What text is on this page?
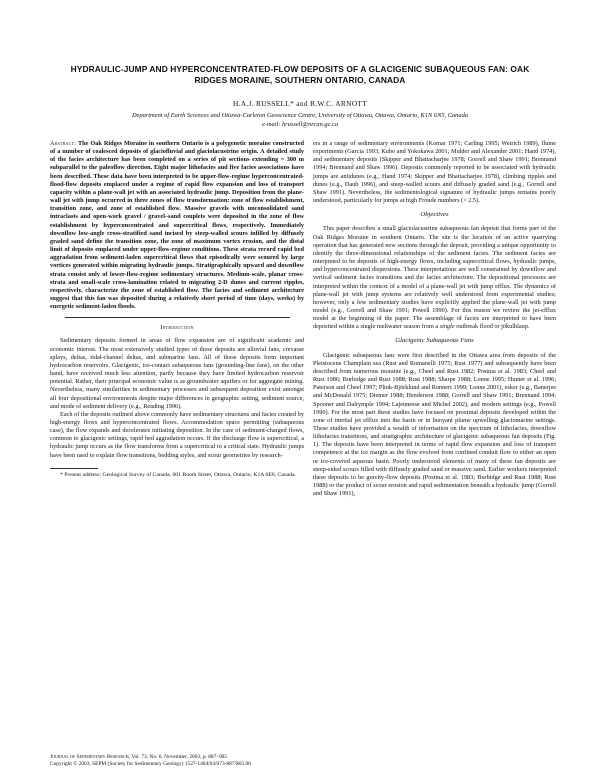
HYDRAULIC-JUMP AND HYPERCONCENTRATED-FLOW DEPOSITS OF A GLACIGENIC SUBAQUEOUS FAN: OAK RIDGES MORAINE, SOUTHERN ONTARIO, CANADA
H.A.J. RUSSELL* and R.W.C. ARNOTT
Department of Earth Sciences and Ottawa-Carleton Geoscience Centre, University of Ottawa, Ottawa, Ontario, K1N 6N5, Canada
e-mail: hrussell@nrcan.gc.ca

Abstract: The Oak Ridges Moraine in southern Ontario is a polygenetic moraine constructed of a number of coalesced deposits of glaciofluvial and glaciolacustrine origin. A detailed study of the facies architecture has been completed on a series of pit sections extending ~ 300 m subparallel to the paleoflow direction. Eight major lithofacies and five facies associations have been described. These data have been interpreted to be upper-flow-regime hyperconcentrated-flood-flow deposits emplaced under a regime of rapid flow expansion and loss of transport capacity within a plane-wall jet with an associated hydraulic jump. Deposition from the plane-wall jet with jump occurred in three zones of flow transformation: zone of flow establishment, transition zone, and zone of established flow. Massive gravels with unconsolidated sand intraclasts and open-work gravel / gravel–sand couplets were deposited in the zone of flow establishment by hyperconcentrated and supercritical flows, respectively. Immediately downflow low-angle cross-stratified sand incised by steep-walled scours infilled by diffusely graded sand define the transition zone, the zone of maximum vortex erosion, and the distal limit of deposits emplaced under upper-flow-regime conditions. These strata record rapid bed aggradation from sediment-laden supercritical flows that episodically were scoured by large vortices generated within migrating hydraulic jumps. Stratigraphically upward and downflow strata consist only of lower-flow-regime sedimentary structures. Medium-scale, planar cross-strata and small-scale cross-lamination related to migrating 2-D dunes and current ripples, respectively, characterize the zone of established flow. The facies and sediment architecture suggest that this fan was deposited during a relatively short period of time (days, weeks) by energetic sediment-laden floods.

Introduction

Sedimentary deposits formed in areas of flow expansion are of significant academic and economic interest. The most extensively studied types of these deposits are alluvial fans, crevasse splays, deltas, tidal-channel deltas, and submarine fans. All of these deposits form important hydrocarbon reservoirs. Glacigenic, ice-contact subaqueous fans (grounding-line fans), on the other hand, have received much less attention, partly because they have limited hydrocarbon reservoir potential. Rather, their principal economic value is as groundwater aquifers or for aggregate mining. Nevertheless, many similarities in sedimentary processes and subsequent deposition exist amongst all four depositional environments despite major differences in geographic setting, sediment source, and mode of sediment delivery (e.g., Reading 1996).

Each of the deposits outlined above commonly have sedimentary structures and facies created by high-energy flows and hyperconcentrated flows. Accommodation space permitting (subaqueous case), the flow expands and decelerates initiating deposition. In the case of sediment-charged flows, common to glacigenic settings, rapid bed aggradation occurs. If the discharge flow is supercritical, a hydraulic jump occurs as the flow transforms from a supercritical to a critical state. Hydraulic jumps have been used to explain flow transitions, bedding styles, and scour geometries by research-

* Present address: Geological Survey of Canada, 601 Booth Street, Ottawa, Ontario, K1A 0E8, Canada.

ers in a range of sedimentary environments (Komar 1971; Carling 1995; Weirich 1989), flume experiments (Garcia 1993; Kubo and Yokokawa 2001; Mulder and Alexander 2001; Hand 1974), and sedimentary deposits (Skipper and Bhattacharjee 1978; Gorrell and Shaw 1991; Brennand 1994; Brennand and Shaw 1996). Deposits commonly reported to be associated with hydraulic jumps are antidunes (e.g., Hand 1974; Skipper and Bhattacharjee 1978), climbing ripples and dunes (e.g., Daub 1996), and steep-walled scours and diffusely graded sand (e.g., Gorrell and Shaw 1991). Nevertheless, the sedimentological signature of hydraulic jumps remains poorly understood, particularly for jumps at high Froude numbers (> 2.5).

Objectives

This paper describes a small glaciolacustrine subaqueous fan deposit that forms part of the Oak Ridges Moraine in southern Ontario. The site is the location of an active quarrying operation that has generated new sections through the deposit, providing a unique opportunity to identify the three-dimensional relationships of the sediment facies. The sediment facies are interpreted to be deposits of high-energy flows, including supercritical flows, hydraulic jumps, and hyperconcentrated dispersions. These interpretations are well constrained by downflow and vertical sediment facies transitions and the facies architecture. The depositional processes are interpreted within the context of a model of a plane-wall jet with jump efflux. The dynamics of plane-wall jet with jump systems are relatively well understood from experimental studies; however, only a few sedimentary studies have explicitly applied the plane-wall jet with jump model (e.g., Gorrell and Shaw 1991; Powell 1990). For this reason we review the jet-efflux model at the beginning of the paper. The assemblage of facies are interpreted to have been deposited within a single meltwater season from a single outbreak flood or jökulhlaup.

Glacigenic Subaqueous Fans

Glacigenic subaqueous fans were first described in the Ottawa area from deposits of the Pleistocene Champlain sea (Rust and Romanelli 1975; Rust 1977) and subsequently have been described from numerous moraine (e.g., Cheel and Rust 1982; Postma et al. 1983; Cheel and Rust 1986; Burbidge and Rust 1988; Rust 1988; Sharpe 1988; Lonne 1995; Hunter et al. 1996; Paterson and Cheel 1997; Plink-Björklund and Ronnert 1999; Lonne 2001), esker (e.g., Banerjee and McDonald 1975; Diemer 1988; Henderson 1988; Gorrell and Shaw 1991; Brennand 1994; Spooner and Dalrymple 1994; Lajeunesse and Michel 2002), and modern settings (e.g., Powell 1990). For the most part these studies have focused on proximal deposits developed within the zone of inertial jet efflux into the basin or in buoyant plume upwelling glaciomarine settings. These studies have provided a wealth of information on the spectrum of lithofacies, downflow lithofacies transitions, and stratigraphic architecture of glacigenic subaqueous fan deposits (Fig. 1). The deposits have been interpreted in terms of rapid flow expansion and loss of transport competence at the ice margin as the flow evolved from confined conduit flow to either an open or ice-covered aqueous basin. Poorly understood elements of many of these fan deposits are steep-sided scours filled with diffusely graded sand or massive sand. Earlier workers interpreted these deposits to be gravity-flow deposits (Postma et al. 1983; Burbidge and Rust 1988; Rust 1988) or the product of scour erosion and rapid sedimentation beneath a hydraulic jump (Gorrell and Shaw 1991),

Journal of Sedimentary Research, Vol. 73, No. 6, November, 2003, p. 887–905
Copyright © 2003, SEPM (Society for Sedimentary Geology) 1527-1404/03/073-887/$03.00
